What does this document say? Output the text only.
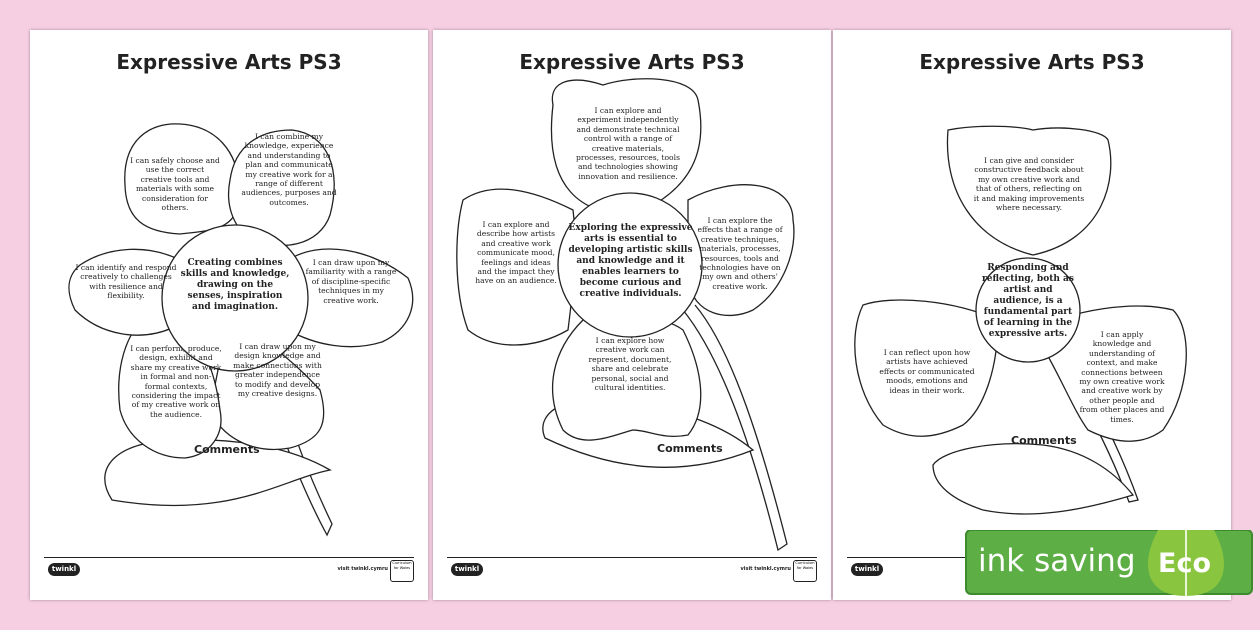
Expressive Arts PS3
I can safely choose and use the correct creative tools and materials with some consideration for others.
I can combine my knowledge, experience and understanding to plan and communicate my creative work for a range of different audiences, purposes and outcomes.
I can draw upon my familiarity with a range of discipline-specific techniques in my creative work.
I can draw upon my design knowledge and make connections with greater independence to modify and develop my creative designs.
I can perform, produce, design, exhibit and share my creative work in formal and non-formal contexts, considering the impact of my creative work on the audience.
I can identify and respond creatively to challenges with resilience and flexibility.
Creating combines skills and knowledge, drawing on the senses, inspiration and imagination.
Comments
twinkl	visit twinkl.cymru
Curriculum for Wales
Expressive Arts PS3
I can explore and experiment independently and demonstrate technical control with a range of creative materials, processes, resources, tools and technologies showing innovation and resilience.
I can explore the effects that a range of creative techniques, materials, processes, resources, tools and technologies have on my own and others' creative work.
I can explore how creative work can represent, document, share and celebrate personal, social and cultural identities.
I can explore and describe how artists and creative work communicate mood, feelings and ideas and the impact they have on an audience.
Exploring the expressive arts is essential to developing artistic skills and knowledge and it enables learners to become curious and creative individuals.
Comments
twinkl	visit twinkl.cymru
Curriculum for Wales
Expressive Arts PS3
I can give and consider constructive feedback about my own creative work and that of others, reflecting on it and making improvements where necessary.
I can apply knowledge and understanding of context, and make connections between my own creative work and creative work by other people and from other places and times.
I can reflect upon how artists have achieved effects or communicated moods, emotions and ideas in their work.
Responding and reflecting, both as artist and audience, is a fundamental part of learning in the expressive arts.
Comments
twinkl	ink saving Eco
